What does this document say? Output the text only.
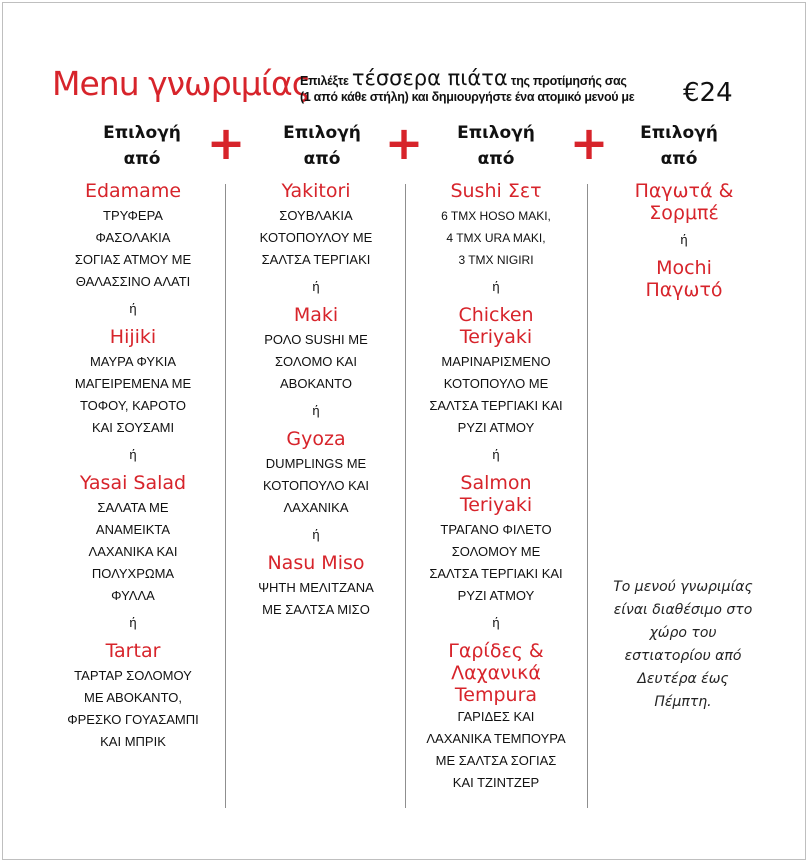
Menu γνωριμίας
Επιλέξτε τέσσερα πιάτα της προτίμησής σας
(1 από κάθε στήλη) και δημιουργήστε ένα ατομικό μενού με €24
Επιλογή
από	+	Επιλογή
από +	Επιλογή
από	+	Επιλογή
από
Edamame
ΤΡΥΦΕΡΑ
ΦΑΣΟΛΑΚΙΑ
ΣΟΓΙΑΣ ΑΤΜΟΥ ΜΕ
ΘΑΛΑΣΣΙΝΟ ΑΛΑΤΙ
ή
Hijiki
ΜΑΥΡΑ ΦΥΚΙΑ
ΜΑΓΕΙΡΕΜΕΝΑ ΜΕ
ΤΟΦΟΥ, ΚΑΡΟΤΟ
ΚΑΙ ΣΟΥΣΑΜΙ
ή
Yasai Salad
ΣΑΛΑΤΑ ΜΕ
ΑΝΑΜΕΙΚΤΑ
ΛΑΧΑΝΙΚΑ ΚΑΙ
ΠΟΛΥΧΡΩΜΑ
ΦΥΛΛΑ
ή
Tartar
ΤΑΡΤΑΡ ΣΟΛΟΜΟΥ
ΜΕ ΑΒΟΚΑΝΤΟ,
ΦΡΕΣΚΟ ΓΟΥΑΣΑΜΠΙ
ΚΑΙ ΜΠΡΙΚ
Yakitori
ΣΟΥΒΛΑΚΙΑ
ΚΟΤΟΠΟΥΛΟΥ ΜΕ
ΣΑΛΤΣΑ ΤΕΡΓΙΑΚΙ
ή
Maki
ΡΟΛΟ SUSHI ΜΕ
ΣΟΛΟΜΟ ΚΑΙ
ΑΒΟΚΑΝΤΟ
ή
Gyoza
DUMPLINGS ΜΕ
ΚΟΤΟΠΟΥΛΟ ΚΑΙ
ΛΑΧΑΝΙΚΑ
ή
Nasu Miso
ΨΗΤΗ ΜΕΛΙΤΖΑΝΑ
ΜΕ ΣΑΛΤΣΑ ΜΙΣΟ
Sushi Σετ
6 ΤΜΧ HOSO MAKI,
4 ΤΜΧ URA MAKI,
3 ΤΜΧ NIGIRI
ή
Chicken Teriyaki
ΜΑΡΙΝΑΡΙΣΜΕΝΟ
ΚΟΤΟΠΟΥΛΟ ΜΕ
ΣΑΛΤΣΑ ΤΕΡΓΙΑΚΙ ΚΑΙ
ΡΥΖΙ ΑΤΜΟΥ
ή
Salmon Teriyaki
ΤΡΑΓΑΝΟ ΦΙΛΕΤΟ
ΣΟΛΟΜΟΥ ΜΕ
ΣΑΛΤΣΑ ΤΕΡΓΙΑΚΙ ΚΑΙ
ΡΥΖΙ ΑΤΜΟΥ
ή
Γαρίδες & Λαχανικά Tempura
ΓΑΡΙΔΕΣ ΚΑΙ
ΛΑΧΑΝΙΚΑ ΤΕΜΠΟΥΡΑ
ΜΕ ΣΑΛΤΣΑ ΣΟΓΙΑΣ
ΚΑΙ ΤΖΙΝΤΖΕΡ
Παγωτά & Σορμπέ
ή
Mochi Παγωτό
Το μενού γνωριμίας είναι διαθέσιμο στο χώρο του εστιατορίου από Δευτέρα έως Πέμπτη.
